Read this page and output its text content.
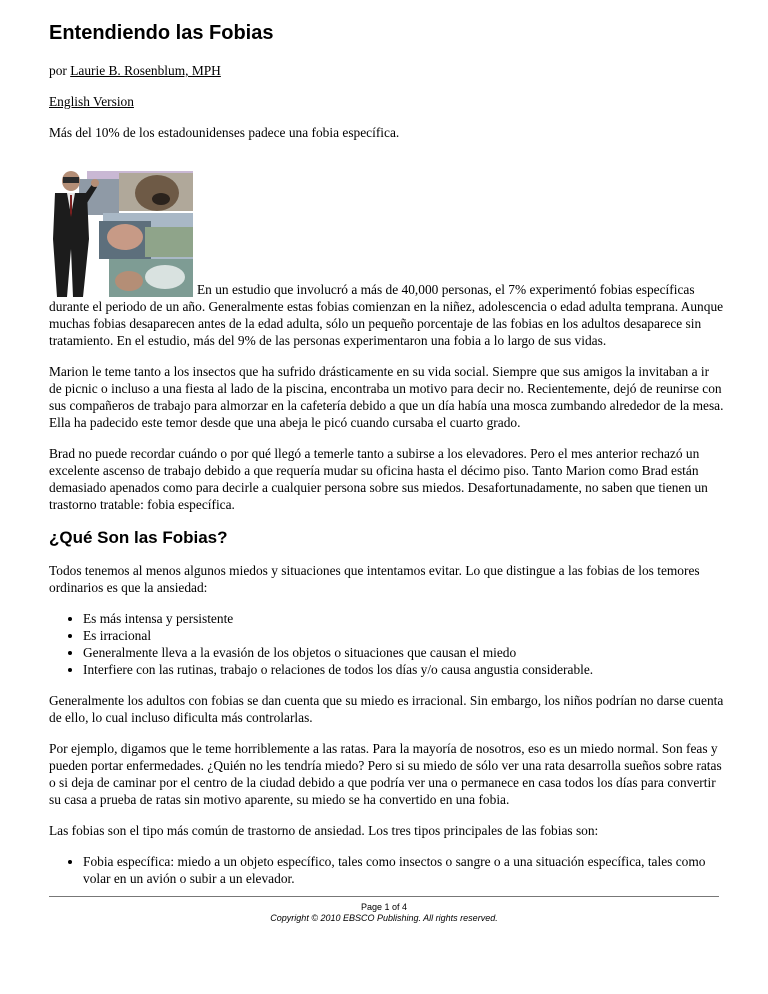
Entendiendo las Fobias

por Laurie B. Rosenblum, MPH

English Version

Más del 10% de los estadounidenses padece una fobia específica.

En un estudio que involucró a más de 40,000 personas, el 7% experimentó fobias específicas durante el periodo de un año. Generalmente estas fobias comienzan en la niñez, adolescencia o edad adulta temprana. Aunque muchas fobias desaparecen antes de la edad adulta, sólo un pequeño porcentaje de las fobias en los adultos desaparece sin tratamiento. En el estudio, más del 9% de las personas experimentaron una fobia a lo largo de sus vidas.

Marion le teme tanto a los insectos que ha sufrido drásticamente en su vida social. Siempre que sus amigos la invitaban a ir de picnic o incluso a una fiesta al lado de la piscina, encontraba un motivo para decir no. Recientemente, dejó de reunirse con sus compañeros de trabajo para almorzar en la cafetería debido a que un día había una mosca zumbando alrededor de la mesa. Ella ha padecido este temor desde que una abeja le picó cuando cursaba el cuarto grado.

Brad no puede recordar cuándo o por qué llegó a temerle tanto a subirse a los elevadores. Pero el mes anterior rechazó un excelente ascenso de trabajo debido a que requería mudar su oficina hasta el décimo piso. Tanto Marion como Brad están demasiado apenados como para decirle a cualquier persona sobre sus miedos. Desafortunadamente, no saben que tienen un trastorno tratable: fobia específica.

¿Qué Son las Fobias?

Todos tenemos al menos algunos miedos y situaciones que intentamos evitar. Lo que distingue a las fobias de los temores ordinarios es que la ansiedad:

• Es más intensa y persistente
• Es irracional
• Generalmente lleva a la evasión de los objetos o situaciones que causan el miedo
• Interfiere con las rutinas, trabajo o relaciones de todos los días y/o causa angustia considerable.

Generalmente los adultos con fobias se dan cuenta que su miedo es irracional. Sin embargo, los niños podrían no darse cuenta de ello, lo cual incluso dificulta más controlarlas.

Por ejemplo, digamos que le teme horriblemente a las ratas. Para la mayoría de nosotros, eso es un miedo normal. Son feas y pueden portar enfermedades. ¿Quién no les tendría miedo? Pero si su miedo de sólo ver una rata desarrolla sueños sobre ratas o si deja de caminar por el centro de la ciudad debido a que podría ver una o permanece en casa todos los días para convertir su casa a prueba de ratas sin motivo aparente, su miedo se ha convertido en una fobia.

Las fobias son el tipo más común de trastorno de ansiedad. Los tres tipos principales de las fobias son:

• Fobia específica: miedo a un objeto específico, tales como insectos o sangre o a una situación específica, tales como volar en un avión o subir a un elevador.
Page 1 of 4
Copyright © 2010 EBSCO Publishing. All rights reserved.
